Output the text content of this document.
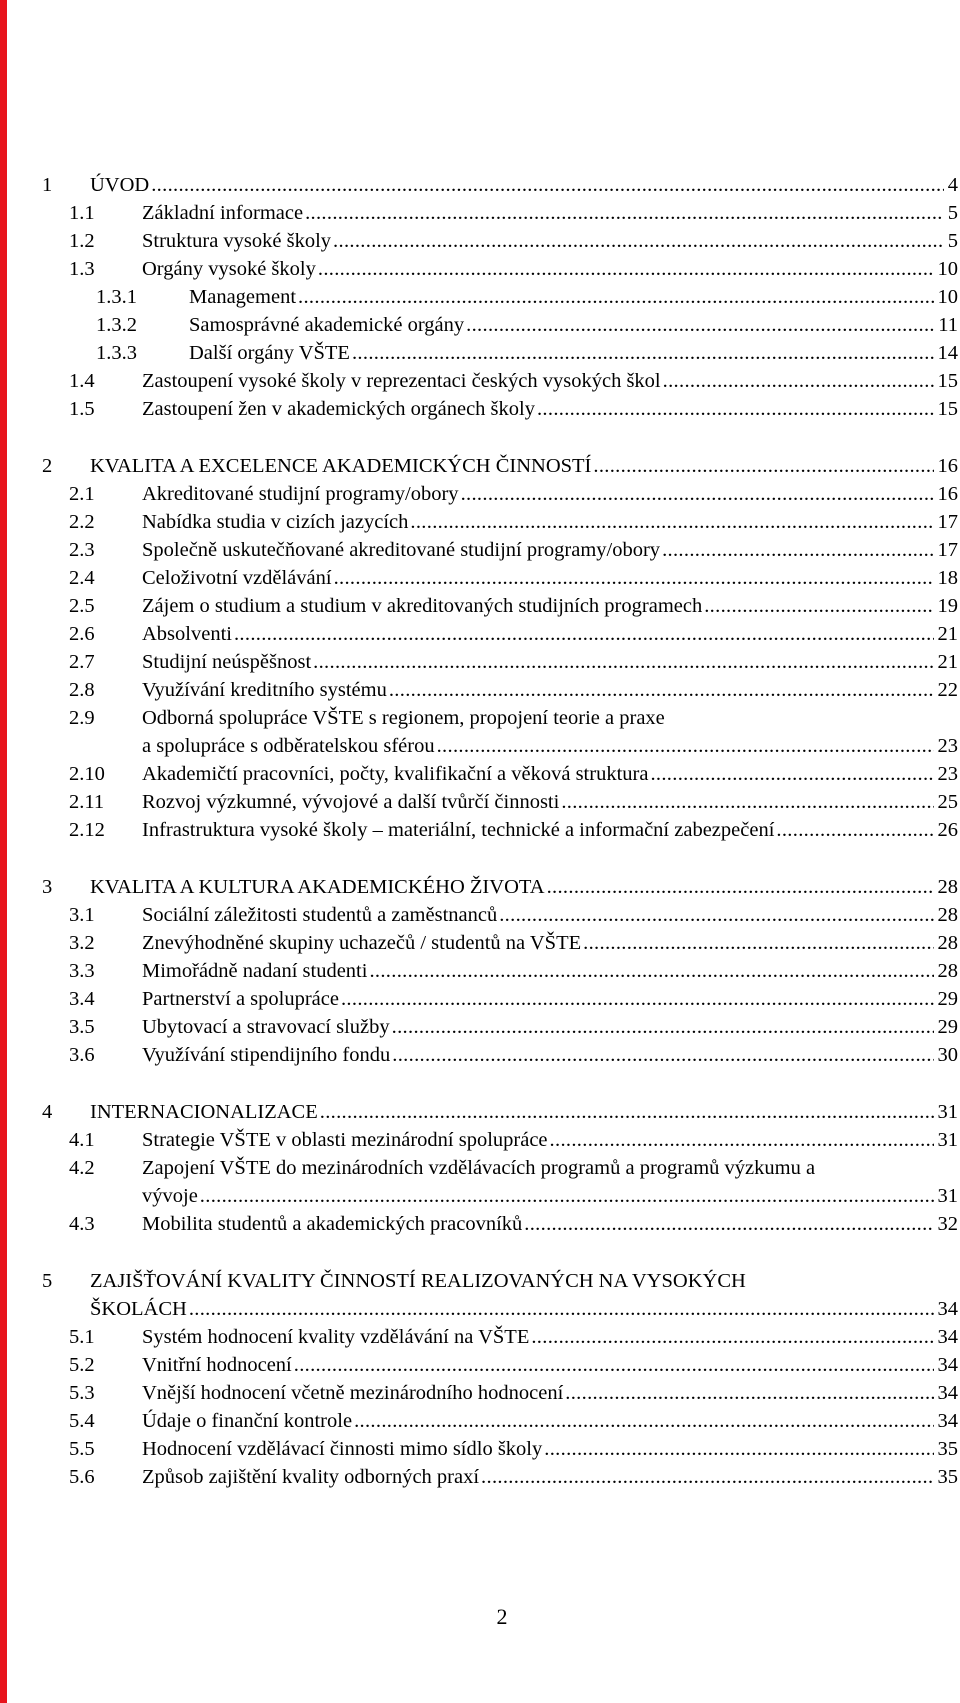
1	ÚVOD . . .	4
1.1	Základní informace . . .	5
1.2	Struktura vysoké školy . . .	5
1.3	Orgány vysoké školy . . .	10
1.3.1	Management . . .	10
1.3.2	Samosprávné akademické orgány . . .	11
1.3.3	Další orgány VŠTE . . .	14
1.4	Zastoupení vysoké školy v reprezentaci českých vysokých škol . . .	15
1.5	Zastoupení žen v akademických orgánech školy . . .	15
2	KVALITA A EXCELENCE AKADEMICKÝCH ČINNOSTÍ . . .	16
2.1	Akreditované studijní programy/obory . . .	16
2.2	Nabídka studia v cizích jazycích . . .	17
2.3	Společně uskutečňované akreditované studijní programy/obory . . .	17
2.4	Celoživotní vzdělávání . . .	18
2.5	Zájem o studium a studium v akreditovaných studijních programech . . .	19
2.6	Absolventi . . .	21
2.7	Studijní neúspěšnost . . .	21
2.8	Využívání kreditního systému . . .	22
2.9	Odborná spolupráce VŠTE s regionem, propojení teorie a praxe
a spolupráce s odběratelskou sférou . . .	23
2.10	Akademičtí pracovníci, počty, kvalifikační a věková struktura . . .	23
2.11	Rozvoj výzkumné, vývojové a další tvůrčí činnosti . . .	25
2.12	Infrastruktura vysoké školy – materiální, technické a informační zabezpečení . . .	26
3	KVALITA A KULTURA AKADEMICKÉHO ŽIVOTA . . .	28
3.1	Sociální záležitosti studentů a zaměstnanců . . .	28
3.2	Znevýhodněné skupiny uchazečů / studentů na VŠTE . . .	28
3.3	Mimořádně nadaní studenti . . .	28
3.4	Partnerství a spolupráce . . .	29
3.5	Ubytovací a stravovací služby . . .	29
3.6	Využívání stipendijního fondu . . .	30
4	INTERNACIONALIZACE . . .	31
4.1	Strategie VŠTE v oblasti mezinárodní spolupráce . . .	31
4.2	Zapojení VŠTE do mezinárodních vzdělávacích programů a programů výzkumu a
vývoje . . .	31
4.3	Mobilita studentů a akademických pracovníků . . .	32
5	ZAJIŠŤOVÁNÍ KVALITY ČINNOSTÍ REALIZOVANÝCH NA VYSOKÝCH
ŠKOLÁCH . . .	34
5.1	Systém hodnocení kvality vzdělávání na VŠTE . . .	34
5.2	Vnitřní hodnocení . . .	34
5.3	Vnější hodnocení včetně mezinárodního hodnocení . . .	34
5.4	Údaje o finanční kontrole . . .	34
5.5	Hodnocení vzdělávací činnosti mimo sídlo školy . . .	35
5.6	Způsob zajištění kvality odborných praxí . . .	35
2
